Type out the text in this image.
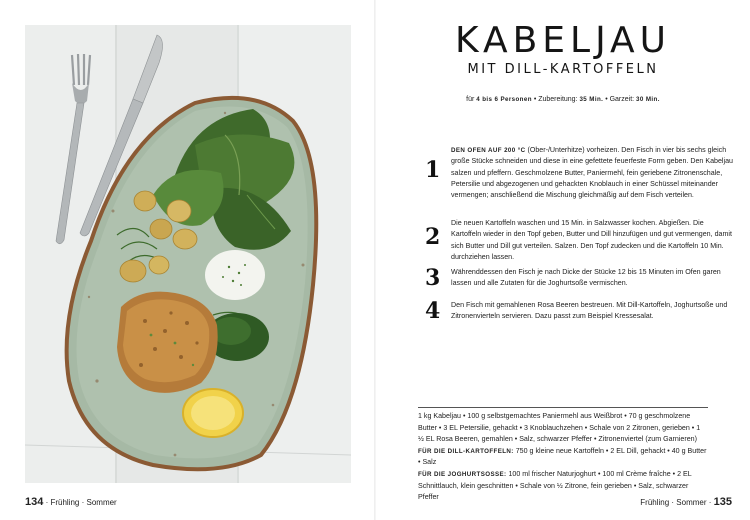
134 · Frühling · Sommer
KABELJAU
MIT DILL-KARTOFFELN
für 4 bis 6 Personen • Zubereitung: 35 Min. • Garzeit: 30 Min.
1
DEN OFEN AUF 200 °C (Ober-/Unterhitze) vorheizen. Den Fisch in vier bis sechs gleich große Stücke schneiden und diese in eine gefettete feuerfeste Form geben. Den Kabeljau salzen und pfeffern. Geschmolzene Butter, Paniermehl, fein geriebene Zitronenschale, Petersilie und abgezogenen und gehackten Knoblauch in einer Schüssel miteinander vermengen; anschließend die Mischung gleichmäßig auf dem Fisch verteilen.
2
Die neuen Kartoffeln waschen und 15 Min. in Salzwasser kochen. Abgießen. Die Kartoffeln wieder in den Topf geben, Butter und Dill hinzufügen und gut vermengen, damit sich Butter und Dill gut verteilen. Salzen. Den Topf zudecken und die Kartoffeln 10 Min. durchziehen lassen.
3 Währenddessen den Fisch je nach Dicke der Stücke 12 bis 15 Minuten im Ofen garen lassen und alle Zutaten für die Joghurtsoße vermischen.
4 Den Fisch mit gemahlenen Rosa Beeren bestreuen. Mit Dill-Kartoffeln, Joghurtsoße und Zitronenvierteln servieren. Dazu passt zum Beispiel Kressesalat.
1 kg Kabeljau • 100 g selbstgemachtes Paniermehl aus Weißbrot • 70 g geschmolzene Butter • 3 EL Petersilie, gehackt • 3 Knoblauchzehen • Schale von 2 Zitronen, gerieben • 1 ½ EL Rosa Beeren, gemahlen • Salz, schwarzer Pfeffer • Zitronenviertel (zum Garnieren)
FÜR DIE DILL-KARTOFFELN: 750 g kleine neue Kartoffeln • 2 EL Dill, gehackt • 40 g Butter • Salz
FÜR DIE JOGHURTSOSSE: 100 ml frischer Naturjoghurt • 100 ml Crème fraîche • 2 EL Schnittlauch, klein geschnitten • Schale von ½ Zitrone, fein gerieben • Salz, schwarzer Pfeffer
Frühling · Sommer · 135
